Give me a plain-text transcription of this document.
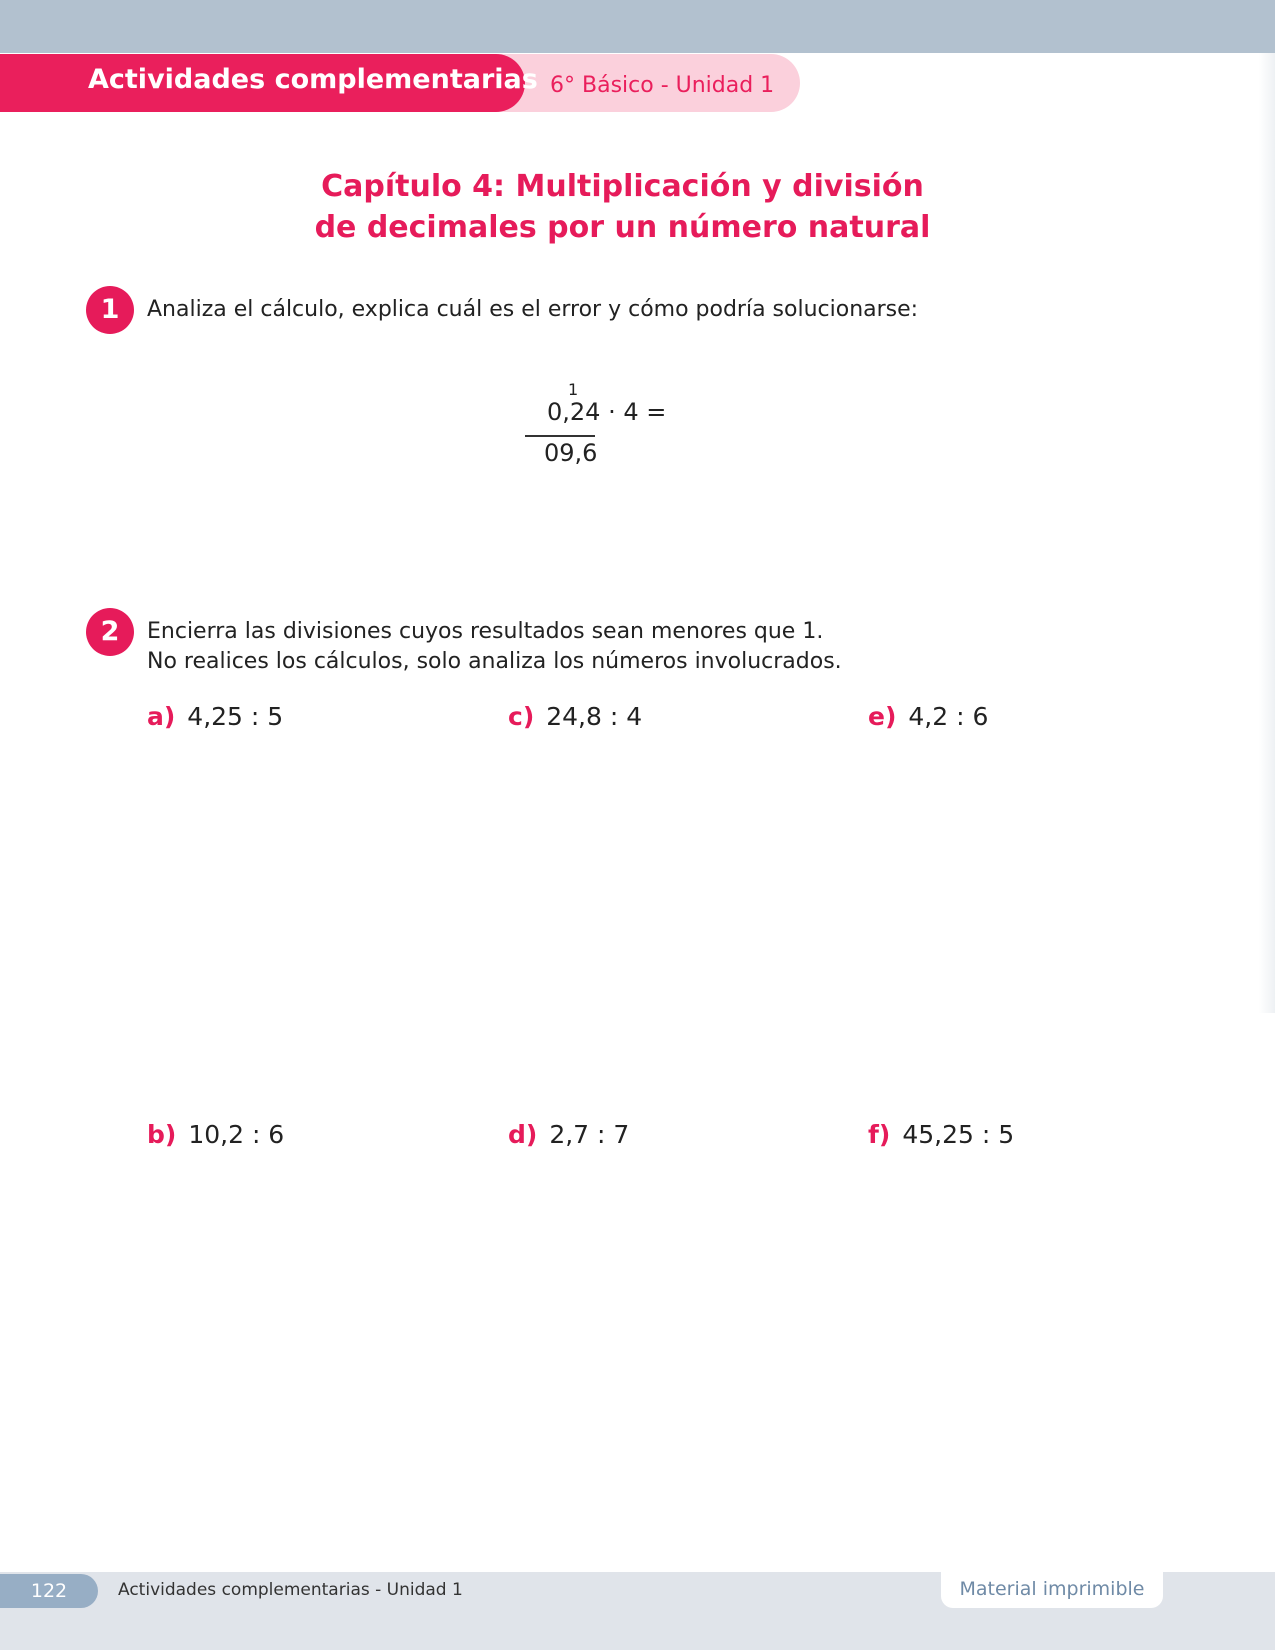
Actividades complementarias 6° Básico - Unidad 1
Capítulo 4: Multiplicación y división
de decimales por un número natural
1	Analiza el cálculo, explica cuál es el error y cómo podría solucionarse:
1
0,24 · 4 =
09,6
2	Encierra las divisiones cuyos resultados sean menores que 1.
No realices los cálculos, solo analiza los números involucrados.
a) 4,25 : 5
b) 10,2 : 6
c) 24,8 : 4
d) 2,7 : 7
e) 4,2 : 6
f) 45,25 : 5
122	Actividades complementarias - Unidad 1	Material imprimible
